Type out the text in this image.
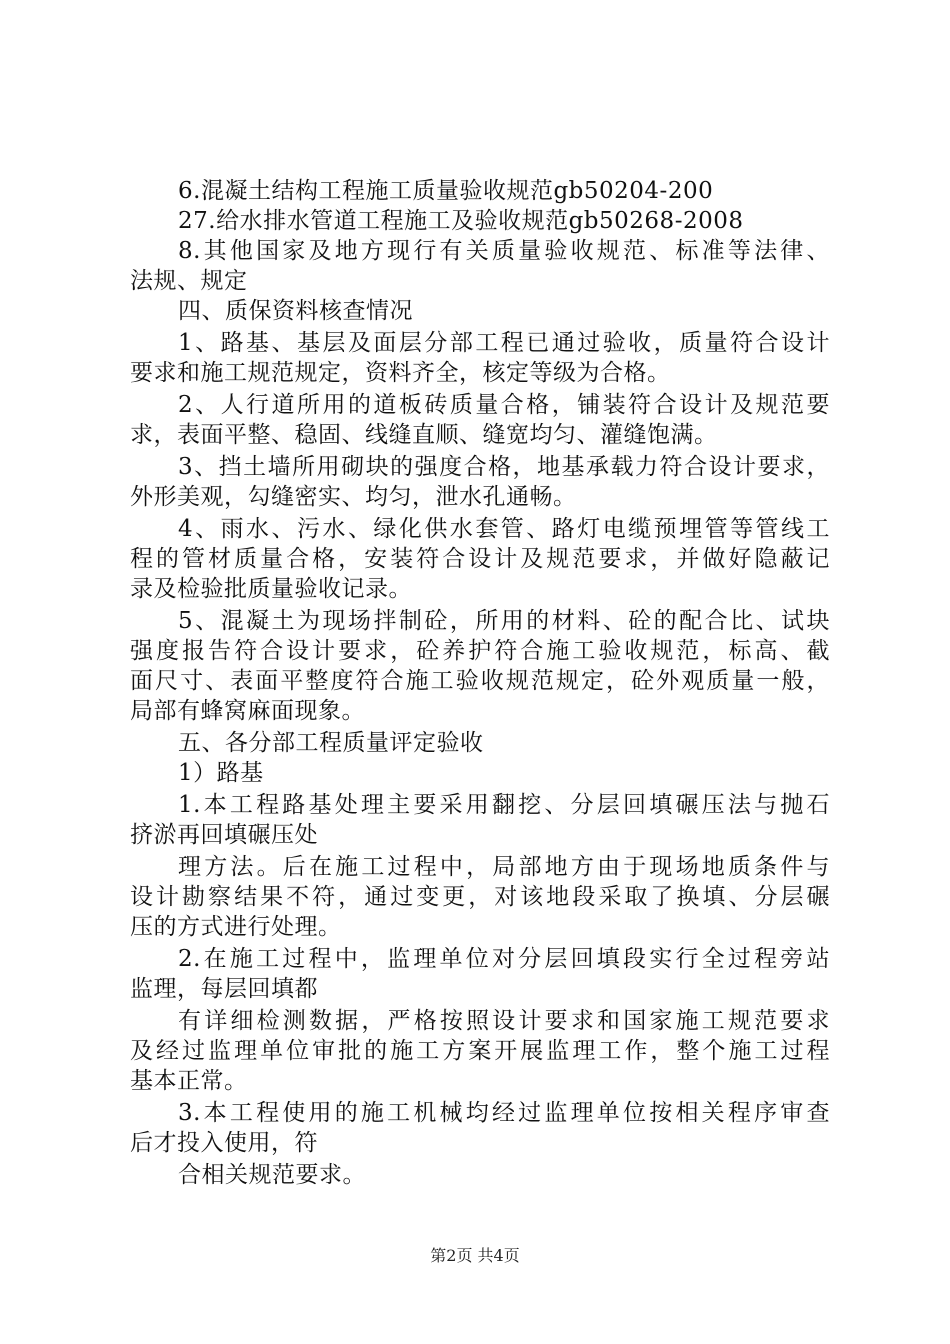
6.混凝土结构工程施工质量验收规范gb50204-200
27.给水排水管道工程施工及验收规范gb50268-2008
8.其他国家及地方现行有关质量验收规范、标准等法律、
法规、规定
四、质保资料核查情况
1、路基、基层及面层分部工程已通过验收，质量符合设计
要求和施工规范规定，资料齐全，核定等级为合格。
2、人行道所用的道板砖质量合格，铺装符合设计及规范要
求，表面平整、稳固、线缝直顺、缝宽均匀、灌缝饱满。
3、挡土墙所用砌块的强度合格，地基承载力符合设计要求，
外形美观，勾缝密实、均匀，泄水孔通畅。
4、雨水、污水、绿化供水套管、路灯电缆预埋管等管线工
程的管材质量合格，安装符合设计及规范要求，并做好隐蔽记
录及检验批质量验收记录。
5、混凝土为现场拌制砼，所用的材料、砼的配合比、试块
强度报告符合设计要求，砼养护符合施工验收规范，标高、截
面尺寸、表面平整度符合施工验收规范规定，砼外观质量一般，
局部有蜂窝麻面现象。
五、各分部工程质量评定验收
1）路基
1.本工程路基处理主要采用翻挖、分层回填碾压法与抛石
挤淤再回填碾压处
理方法。后在施工过程中，局部地方由于现场地质条件与
设计勘察结果不符，通过变更，对该地段采取了换填、分层碾
压的方式进行处理。
2.在施工过程中，监理单位对分层回填段实行全过程旁站
监理，每层回填都
有详细检测数据，严格按照设计要求和国家施工规范要求
及经过监理单位审批的施工方案开展监理工作，整个施工过程
基本正常。
3.本工程使用的施工机械均经过监理单位按相关程序审查
后才投入使用，符
合相关规范要求。
第2页 共4页
